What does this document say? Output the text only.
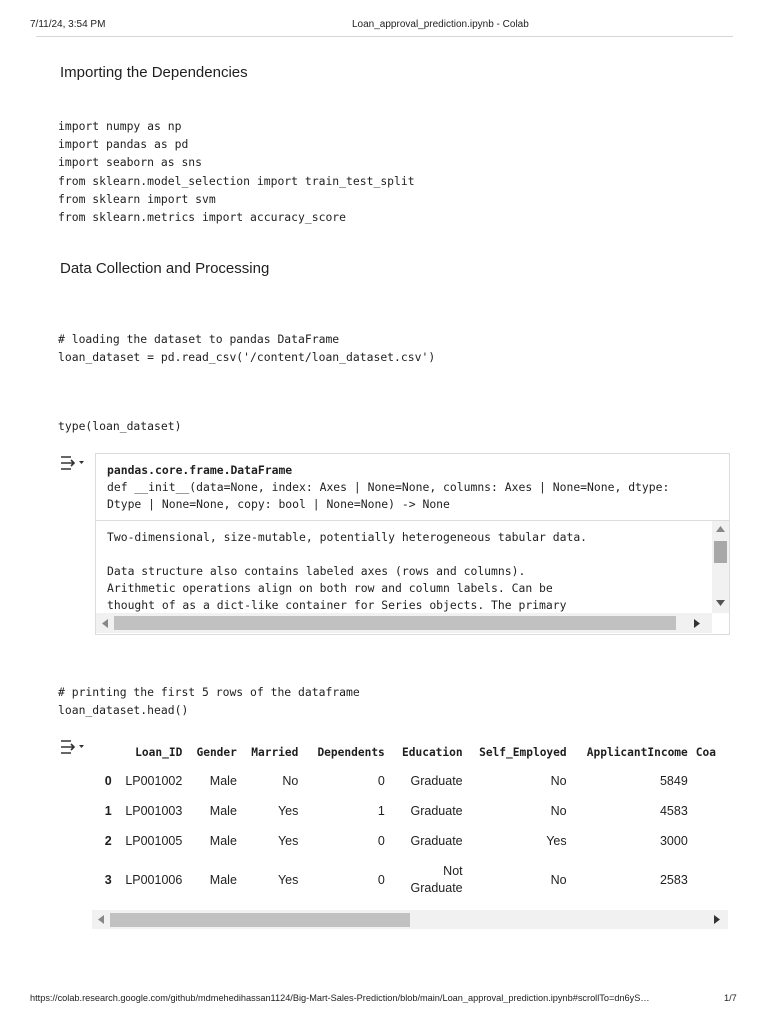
7/11/24, 3:54 PM	Loan_approval_prediction.ipynb - Colab
Importing the Dependencies
import numpy as np
import pandas as pd
import seaborn as sns
from sklearn.model_selection import train_test_split
from sklearn import svm
from sklearn.metrics import accuracy_score
Data Collection and Processing
# loading the dataset to pandas DataFrame
loan_dataset = pd.read_csv('/content/loan_dataset.csv')
type(loan_dataset)
pandas.core.frame.DataFrame
def __init__(data=None, index: Axes | None=None, columns: Axes | None=None, dtype:
Dtype | None=None, copy: bool | None=None) -> None
Two-dimensional, size-mutable, potentially heterogeneous tabular data.
Data structure also contains labeled axes (rows and columns).
Arithmetic operations align on both row and column labels. Can be
thought of as a dict-like container for Series objects. The primary
# printing the first 5 rows of the dataframe
loan_dataset.head()
	Loan_ID	Gender	Married	Dependents	Education	Self_Employed	ApplicantIncome	Coa
0	LP001002	Male	No	0	Graduate	No	5849	
1	LP001003	Male	Yes	1	Graduate	No	4583	
2	LP001005	Male	Yes	0	Graduate	Yes	3000	
3	LP001006	Male	Yes	0	Not
Graduate	No	2583	
https://colab.research.google.com/github/mdmehedihassan1124/Big-Mart-Sales-Prediction/blob/main/Loan_approval_prediction.ipynb#scrollTo=dn6yS…	1/7
